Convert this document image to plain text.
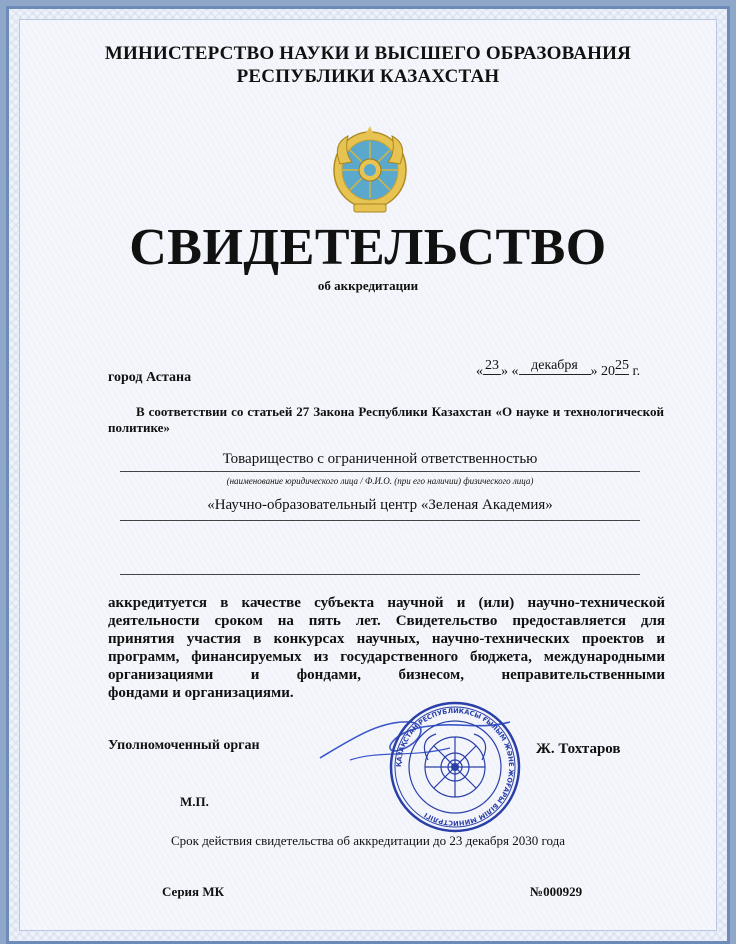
МИНИСТЕРСТВО НАУКИ И ВЫСШЕГО ОБРАЗОВАНИЯ
РЕСПУБЛИКИ КАЗАХСТАН
СВИДЕТЕЛЬСТВО
об аккредитации
город Астана	« 23 » « декабря » 2025 г.
В соответствии со статьей 27 Закона Республики Казахстан «О науке и технологической политике»
Товарищество с ограниченной ответственностью
(наименование юридического лица / Ф.И.О. (при его наличии) физического лица)
«Научно-образовательный центр «Зеленая Академия»
аккредитуется в качестве субъекта научной и (или) научно-технической
деятельности сроком на пять лет. Свидетельство предоставляется для
принятия участия в конкурсах научных, научно-технических проектов и
программ, финансируемых из государственного бюджета, международными
организациями и фондами, бизнесом, неправительственными
фондами и организациями.
Уполномоченный орган
ҚАЗАҚСТАН РЕСПУБЛИКАСЫ ҒЫЛЫМ ЖӘНЕ ЖОҒАРЫ БІЛІМ МИНИСТРЛІГІ
Ж. Тохтаров
М.П.
Срок действия свидетельства об аккредитации до 23 декабря 2030 года
Серия МК	№000929
